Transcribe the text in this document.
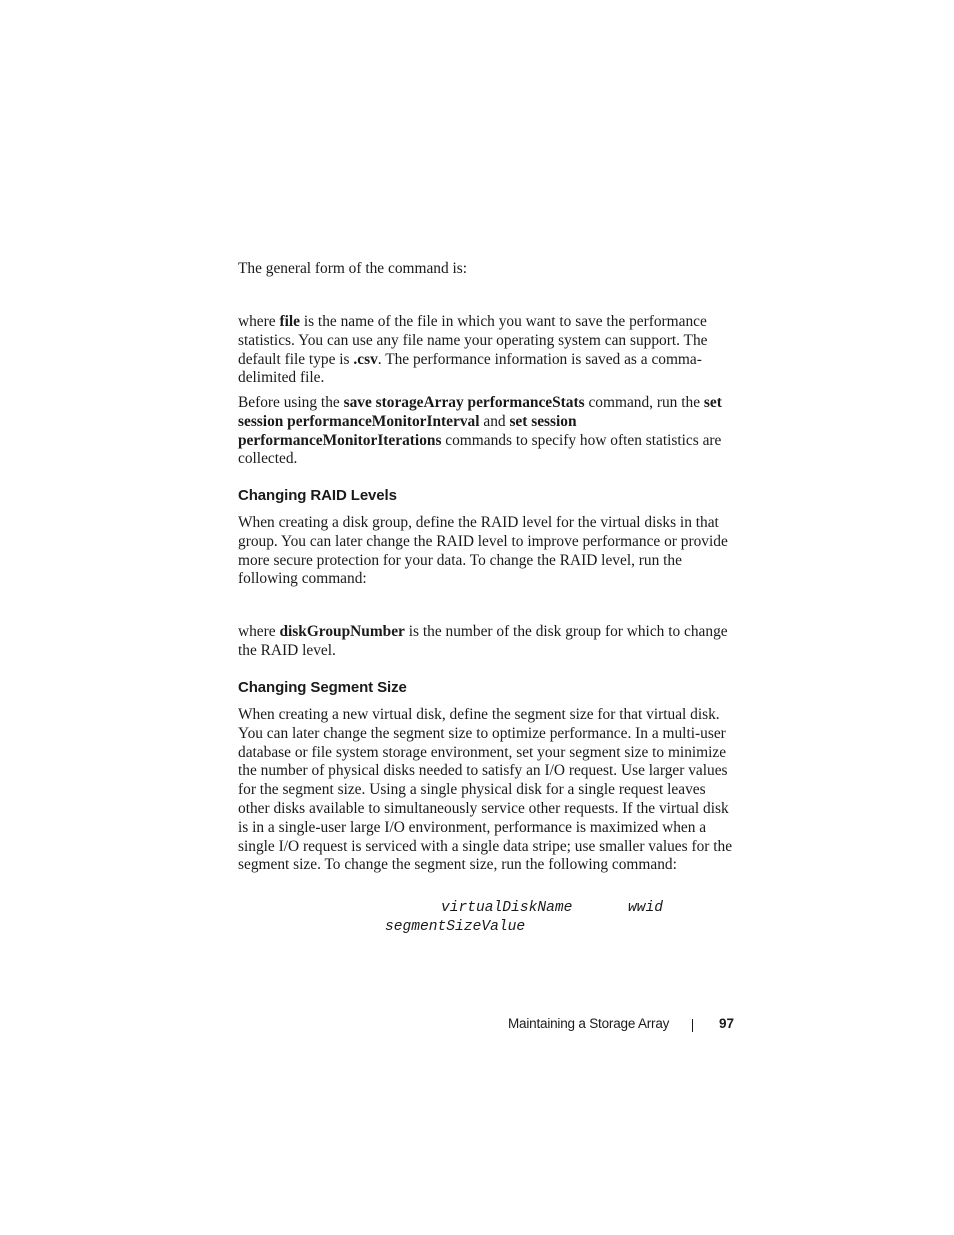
The general form of the command is:

where file is the name of the file in which you want to save the performance statistics. You can use any file name your operating system can support. The default file type is .csv. The performance information is saved as a comma-delimited file.

Before using the save storageArray performanceStats command, run the set session performanceMonitorInterval and set session performanceMonitorIterations commands to specify how often statistics are collected.

Changing RAID Levels

When creating a disk group, define the RAID level for the virtual disks in that group. You can later change the RAID level to improve performance or provide more secure protection for your data. To change the RAID level, run the following command:

where diskGroupNumber is the number of the disk group for which to change the RAID level.

Changing Segment Size

When creating a new virtual disk, define the segment size for that virtual disk. You can later change the segment size to optimize performance. In a multi-user database or file system storage environment, set your segment size to minimize the number of physical disks needed to satisfy an I/O request. Use larger values for the segment size. Using a single physical disk for a single request leaves other disks available to simultaneously service other requests. If the virtual disk is in a single-user large I/O environment, performance is maximized when a single I/O request is serviced with a single data stripe; use smaller values for the segment size. To change the segment size, run the following command:

virtualDiskName	wwid
segmentSizeValue
Maintaining a Storage Array	97
